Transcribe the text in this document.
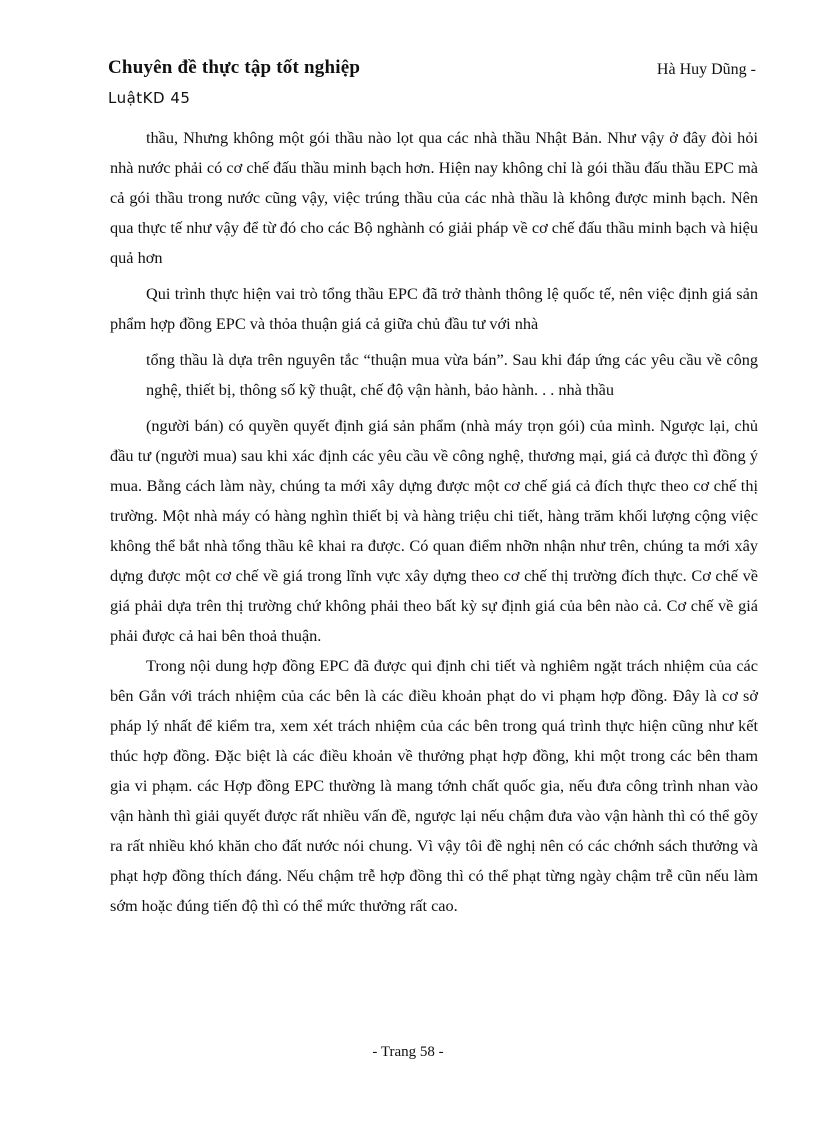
Chuyên đề thực tập tốt nghiệp	Hà Huy Dũng -
LuậtKD 45

thầu, Nhưng không một gói thầu nào lọt qua các nhà thầu Nhật Bản. Như vậy ở đây đòi hỏi nhà nước phải có cơ chế đấu thầu minh bạch hơn. Hiện nay không chỉ là gói thầu đấu thầu EPC mà cả gói thầu trong nước cũng vậy, việc trúng thầu của các nhà thầu là không được minh bạch. Nên qua thực tế như vậy để từ đó cho các Bộ nghành có giải pháp về cơ chế đấu thầu minh bạch và hiệu quả hơn

Qui trình thực hiện vai trò tổng thầu EPC đã trở thành thông lệ quốc tế, nên việc định giá sản phẩm hợp đồng EPC và thỏa thuận giá cả giữa chủ đầu tư với nhà

tổng thầu là dựa trên nguyên tắc “thuận mua vừa bán”. Sau khi đáp ứng các yêu cầu về công nghệ, thiết bị, thông số kỹ thuật, chế độ vận hành, bảo hành. . . nhà thầu

(người bán) có quyền quyết định giá sản phẩm (nhà máy trọn gói) của mình. Ngược lại, chủ đầu tư (người mua) sau khi xác định các yêu cầu về công nghệ, thương mại, giá cả được thì đồng ý mua. Bằng cách làm này, chúng ta mới xây dựng được một cơ chế giá cả đích thực theo cơ chế thị trường. Một nhà máy có hàng nghìn thiết bị và hàng triệu chi tiết, hàng trăm khối lượng cộng việc không thể bắt nhà tổng thầu kê khai ra được. Có quan điểm nhỡn nhận như trên, chúng ta mới xây dựng được một cơ chế về giá trong lĩnh vực xây dựng theo cơ chế thị trường đích thực. Cơ chế về giá phải dựa trên thị trường chứ không phải theo bất kỳ sự định giá của bên nào cả. Cơ chế về giá phải được cả hai bên thoả thuận.

Trong nội dung hợp đồng EPC đã được qui định chi tiết và nghiêm ngặt trách nhiệm của các bên Gắn với trách nhiệm của các bên là các điều khoản phạt do vi phạm hợp đồng. Đây là cơ sở pháp lý nhất để kiểm tra, xem xét trách nhiệm của các bên trong quá trình thực hiện cũng như kết thúc hợp đồng. Đặc biệt là các điều khoản về thưởng phạt hợp đồng, khi một trong các bên tham gia vi phạm. các Hợp đồng EPC thường là mang tớnh chất quốc gia, nếu đưa công trình nhan vào vận hành thì giải quyết được rất nhiều vấn đề, ngược lại nếu chậm đưa vào vận hành thì có thể gõy ra rất nhiều khó khăn cho đất nước nói chung. Vì vậy tôi đề nghị nên có các chớnh sách thưởng và phạt hợp đồng thích đáng. Nếu chậm trễ hợp đồng thì có thể phạt từng ngày chậm trễ cũn nếu làm sớm hoặc đúng tiến độ thì có thể mức thưởng rất cao.

- Trang 58 -
